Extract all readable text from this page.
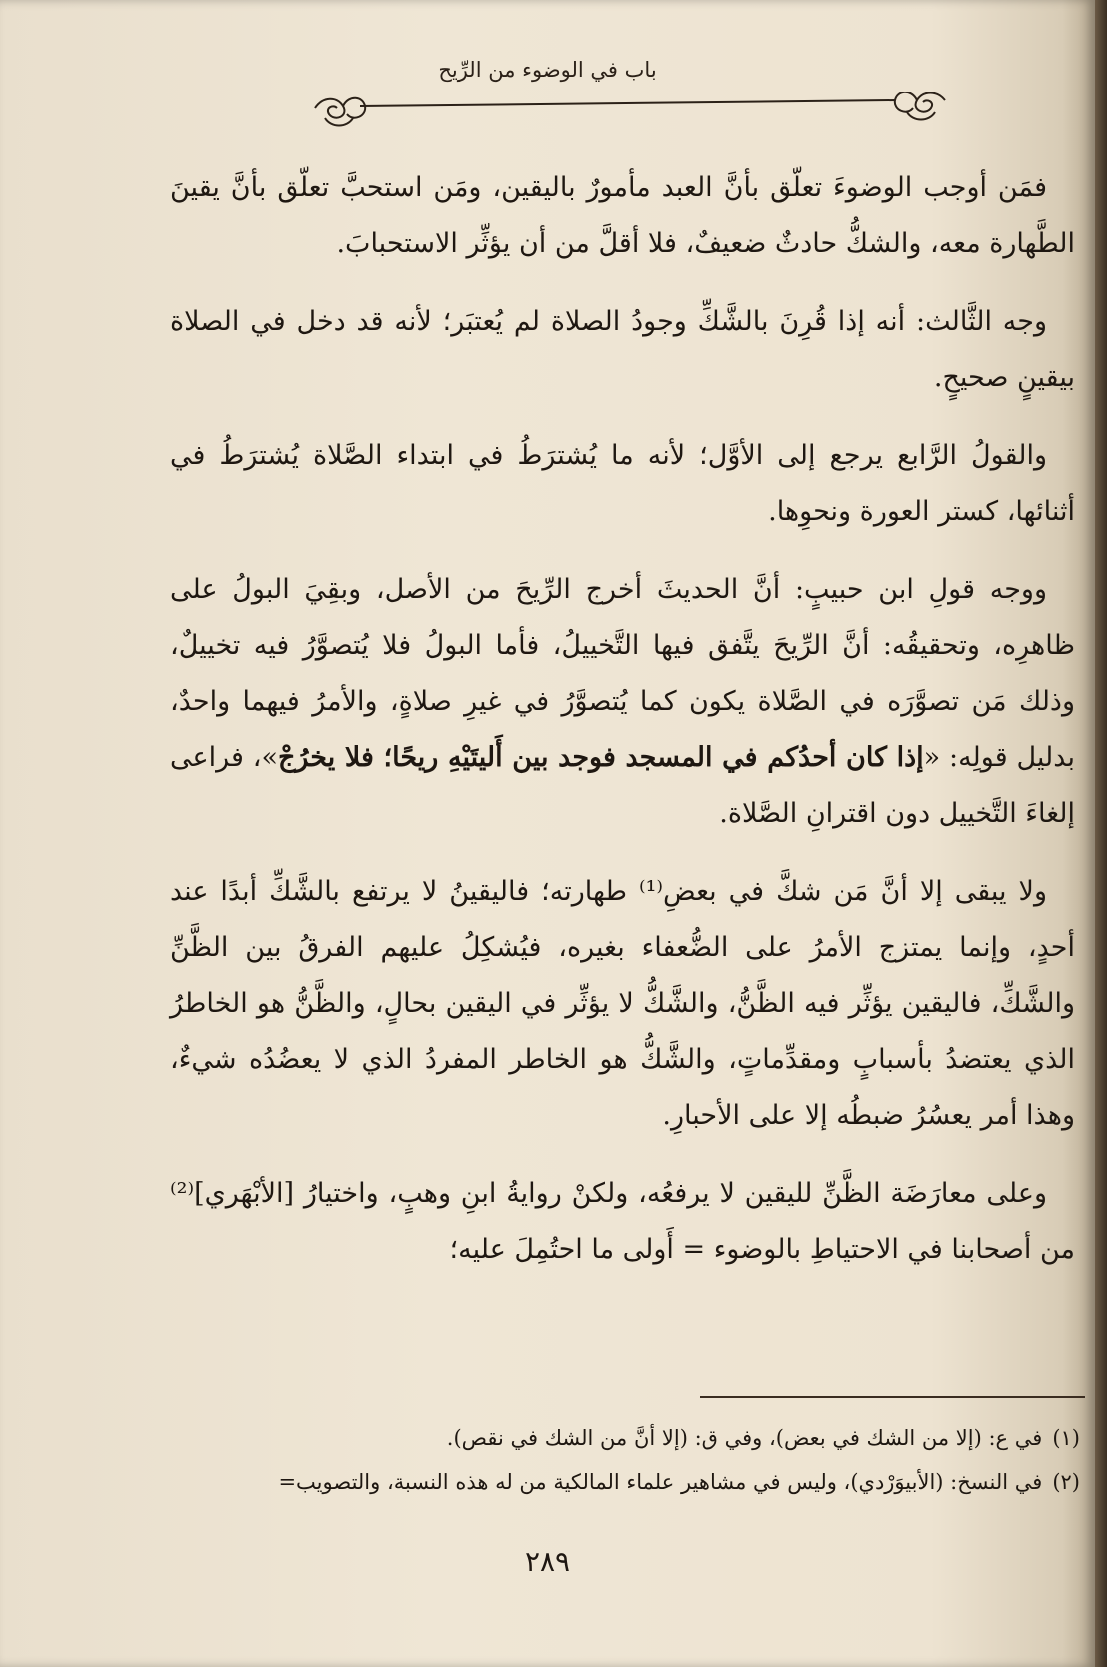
باب في الوضوء من الرِّيح

فمَن أوجب الوضوءَ تعلّق بأنَّ العبد مأمورٌ باليقين، ومَن استحبَّ تعلّق بأنَّ يقينَ الطَّهارة معه، والشكُّ حادثٌ ضعيفٌ، فلا أقلَّ من أن يؤثِّر الاستحبابَ.

وجه الثَّالث: أنه إذا قُرِنَ بالشَّكِّ وجودُ الصلاة لم يُعتبَر؛ لأنه قد دخل في الصلاة بيقينٍ صحيحٍ.

والقولُ الرَّابع يرجع إلى الأوَّل؛ لأنه ما يُشترَطُ في ابتداء الصَّلاة يُشترَطُ في أثنائها، كستر العورة ونحوِها.

ووجه قولِ ابن حبيبٍ: أنَّ الحديثَ أخرج الرِّيحَ من الأصل، وبقِيَ البولُ على ظاهرِه، وتحقيقُه: أنَّ الرِّيحَ يتَّفق فيها التَّخييلُ، فأما البولُ فلا يُتصوَّرُ فيه تخييلٌ، وذلك مَن تصوَّرَه في الصَّلاة يكون كما يُتصوَّرُ في غيرِ صلاةٍ، والأمرُ فيهما واحدٌ، بدليل قولِه: «إذا كان أحدُكم في المسجد فوجد بين أَليتَيْهِ ريحًا؛ فلا يخرُجْ»، فراعى إلغاءَ التَّخييل دون اقترانِ الصَّلاة.

ولا يبقى إلا أنَّ مَن شكَّ في بعضِ⁽¹⁾ طهارته؛ فاليقينُ لا يرتفع بالشَّكِّ أبدًا عند أحدٍ، وإنما يمتزج الأمرُ على الضُّعفاء بغيره، فيُشكِلُ عليهم الفرقُ بين الظَّنِّ والشَّكِّ، فاليقين يؤثِّر فيه الظَّنُّ، والشَّكُّ لا يؤثِّر في اليقين بحالٍ، والظَّنُّ هو الخاطرُ الذي يعتضدُ بأسبابٍ ومقدِّماتٍ، والشَّكُّ هو الخاطر المفردُ الذي لا يعضُدُه شيءٌ، وهذا أمر يعسُرُ ضبطُه إلا على الأحبارِ.

وعلى معارَضَة الظَّنِّ لليقين لا يرفعُه، ولكنْ روايةُ ابنِ وهبٍ، واختيارُ [الأبْهَري]⁽²⁾ من أصحابنا في الاحتياطِ بالوضوء = أَولى ما احتُمِلَ عليه؛

(١)في ع: (إلا من الشك في بعض)، وفي ق: (إلا أنَّ من الشك في نقص).

(٢)في النسخ: (الأبيوَرْدي)، وليس في مشاهير علماء المالكية من له هذه النسبة، والتصويب=

٢٨٩
